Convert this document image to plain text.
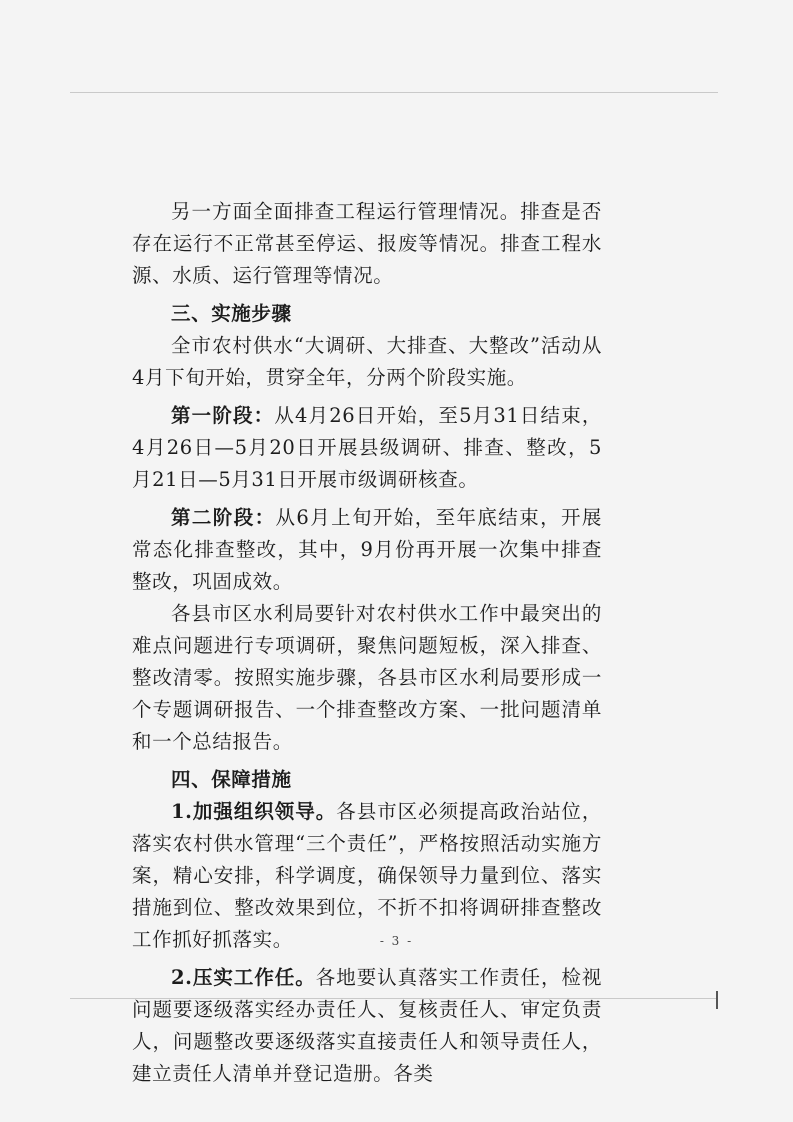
另一方面全面排查工程运行管理情况。排查是否存在运行不正常甚至停运、报废等情况。排查工程水源、水质、运行管理等情况。

三、实施步骤

全市农村供水“大调研、大排查、大整改”活动从4月下旬开始，贯穿全年，分两个阶段实施。

第一阶段：从4月26日开始，至5月31日结束，4月26日—5月20日开展县级调研、排查、整改，5月21日—5月31日开展市级调研核查。

第二阶段：从6月上旬开始，至年底结束，开展常态化排查整改，其中，9月份再开展一次集中排查整改，巩固成效。

各县市区水利局要针对农村供水工作中最突出的难点问题进行专项调研，聚焦问题短板，深入排查、整改清零。按照实施步骤，各县市区水利局要形成一个专题调研报告、一个排查整改方案、一批问题清单和一个总结报告。

四、保障措施

1.加强组织领导。各县市区必须提高政治站位，落实农村供水管理“三个责任”，严格按照活动实施方案，精心安排，科学调度，确保领导力量到位、落实措施到位、整改效果到位，不折不扣将调研排查整改工作抓好抓落实。

2.压实工作任。各地要认真落实工作责任，检视问题要逐级落实经办责任人、复核责任人、审定负责人，问题整改要逐级落实直接责任人和领导责任人，建立责任人清单并登记造册。各类

- 3 -
